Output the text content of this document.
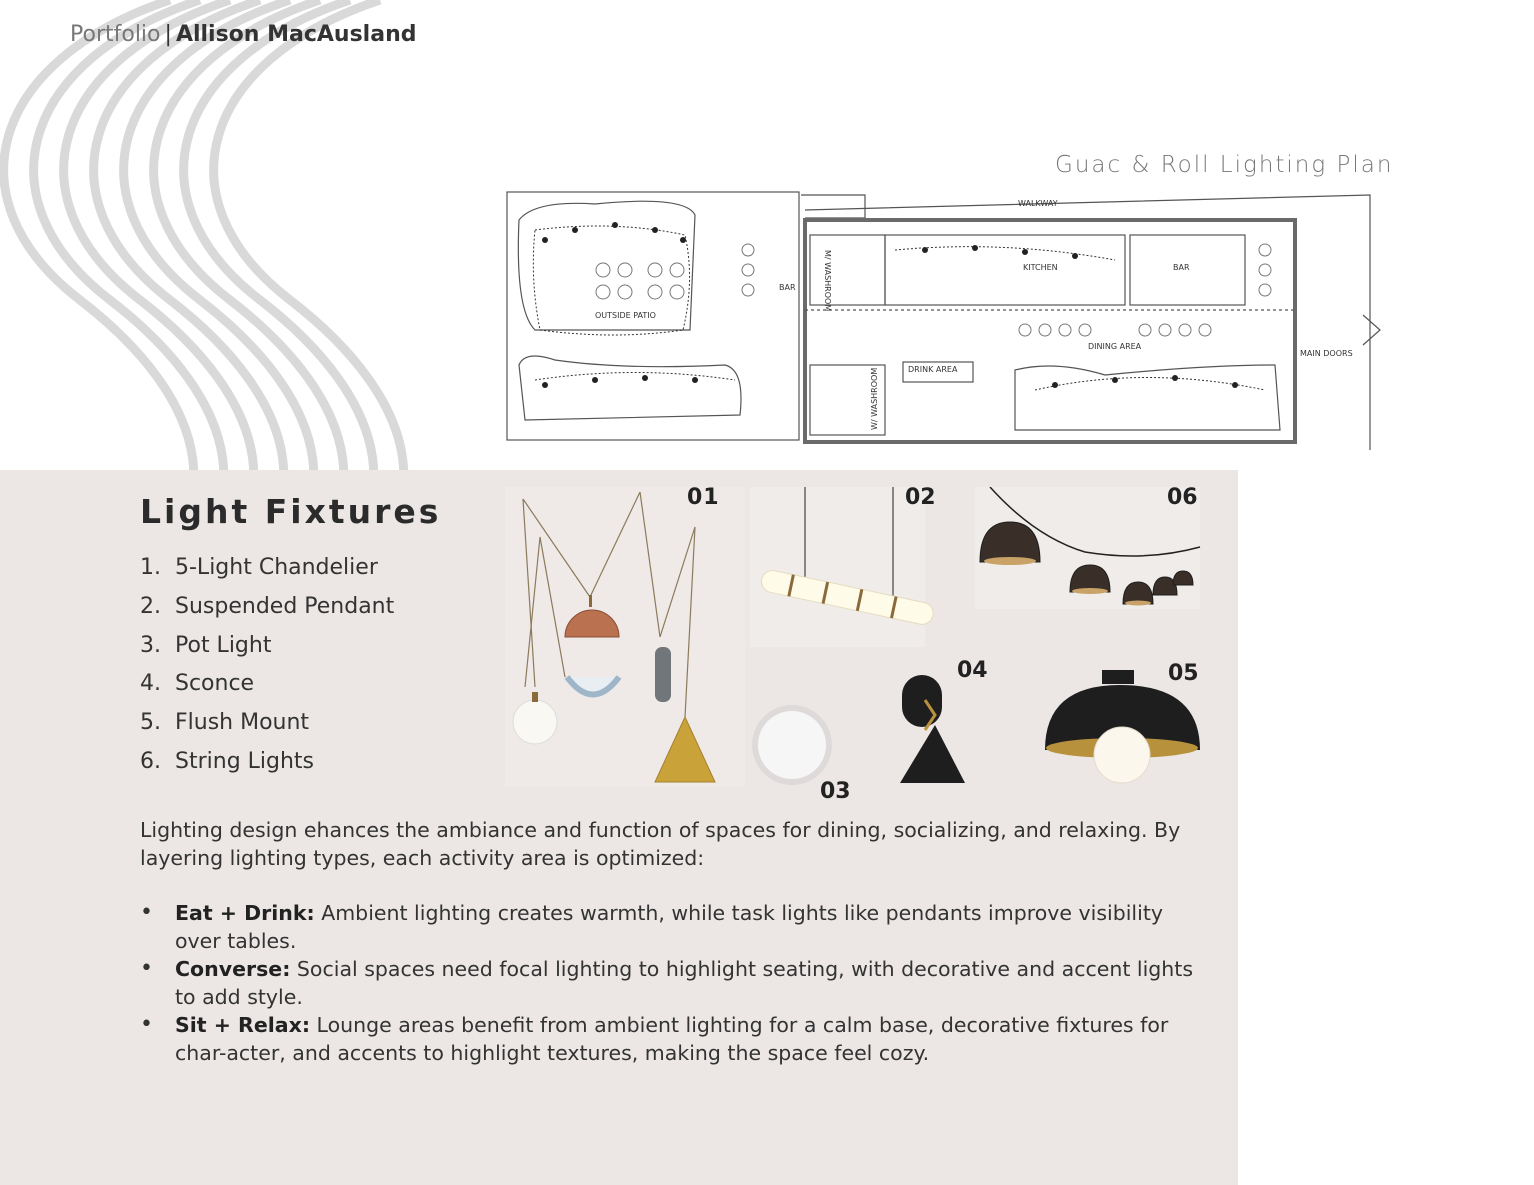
Portfolio | Allison MacAusland
Guac & Roll Lighting Plan
WALKWAY
KITCHEN	BAR
BAR
OUTSIDE PATIO
DINING AREA
DRINK AREA
MAIN DOORS
M/ WASHROOM
W/ WASHROOM
Light Fixtures
1. 5-Light Chandelier
2. Suspended Pendant
3. Pot Light
4. Sconce
5. Flush Mount
6. String Lights
01	02	06
03
04	05

Lighting design ehances the ambiance and function of spaces for dining, socializing, and relaxing. By layering lighting types, each activity area is optimized:

• Eat + Drink: Ambient lighting creates warmth, while task lights like pendants improve visibility over tables.
• Converse: Social spaces need focal lighting to highlight seating, with decorative and accent lights to add style.
• Sit + Relax: Lounge areas benefit from ambient lighting for a calm base, decorative fixtures for char-acter, and accents to highlight textures, making the space feel cozy.
